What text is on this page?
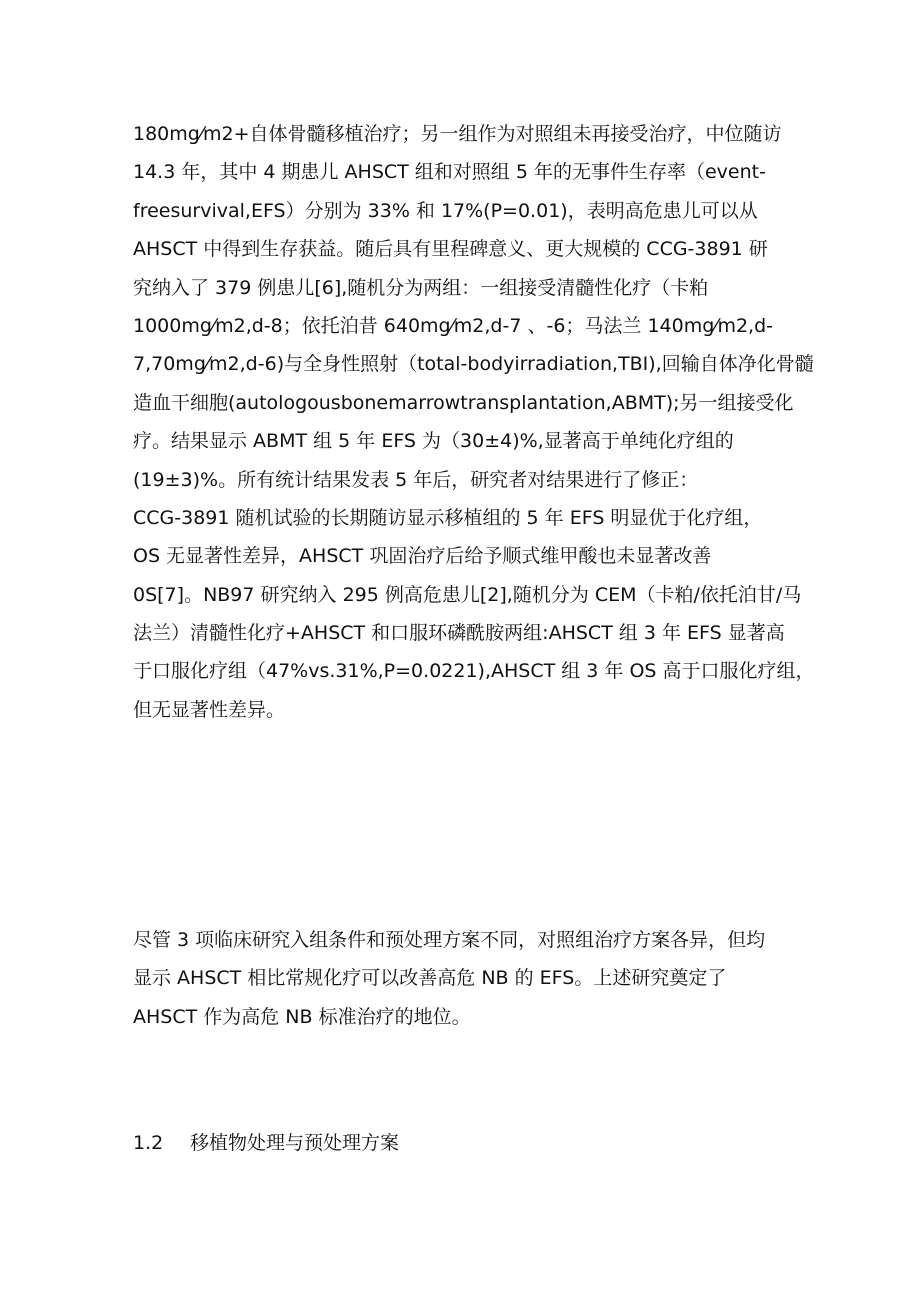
180mg⁄m2+自体骨髓移植治疗；另一组作为对照组未再接受治疗，中位随访
14.3 年，其中 4 期患儿 AHSCT 组和对照组 5 年的无事件生存率（event-
freesurvival,EFS）分别为 33% 和 17%(P=0.01)，表明高危患儿可以从
AHSCT 中得到生存获益。随后具有里程碑意义、更大规模的 CCG-3891 研
究纳入了 379 例患儿[6],随机分为两组：一组接受清髓性化疗（卡粕
1000mg⁄m2,d-8；依托泊昔 640mg⁄m2,d-7 、-6；马法兰 140mg⁄m2,d-
7,70mg⁄m2,d-6)与全身性照射（total-bodyirradiation,TBI),回输自体净化骨髓
造血干细胞(autologousbonemarrowtransplantation,ABMT);另一组接受化
疗。结果显示 ABMT 组 5 年 EFS 为（30±4)%,显著高于单纯化疗组的
(19±3)%。所有统计结果发表 5 年后，研究者对结果进行了修正：
CCG-3891 随机试验的长期随访显示移植组的 5 年 EFS 明显优于化疗组，
OS 无显著性差异，AHSCT 巩固治疗后给予顺式维甲酸也未显著改善
0S[7]。NB97 研究纳入 295 例高危患儿[2],随机分为 CEM（卡粕/依托泊甘/马
法兰）清髓性化疗+AHSCT 和口服环磷酰胺两组:AHSCT 组 3 年 EFS 显著高
于口服化疗组（47%vs.31%,P=0.0221),AHSCT 组 3 年 OS 高于口服化疗组，
但无显著性差异。
尽管 3 项临床研究入组条件和预处理方案不同，对照组治疗方案各异，但均
显示 AHSCT 相比常规化疗可以改善高危 NB 的 EFS。上述研究奠定了
AHSCT 作为高危 NB 标准治疗的地位。
1.2 移植物处理与预处理方案
